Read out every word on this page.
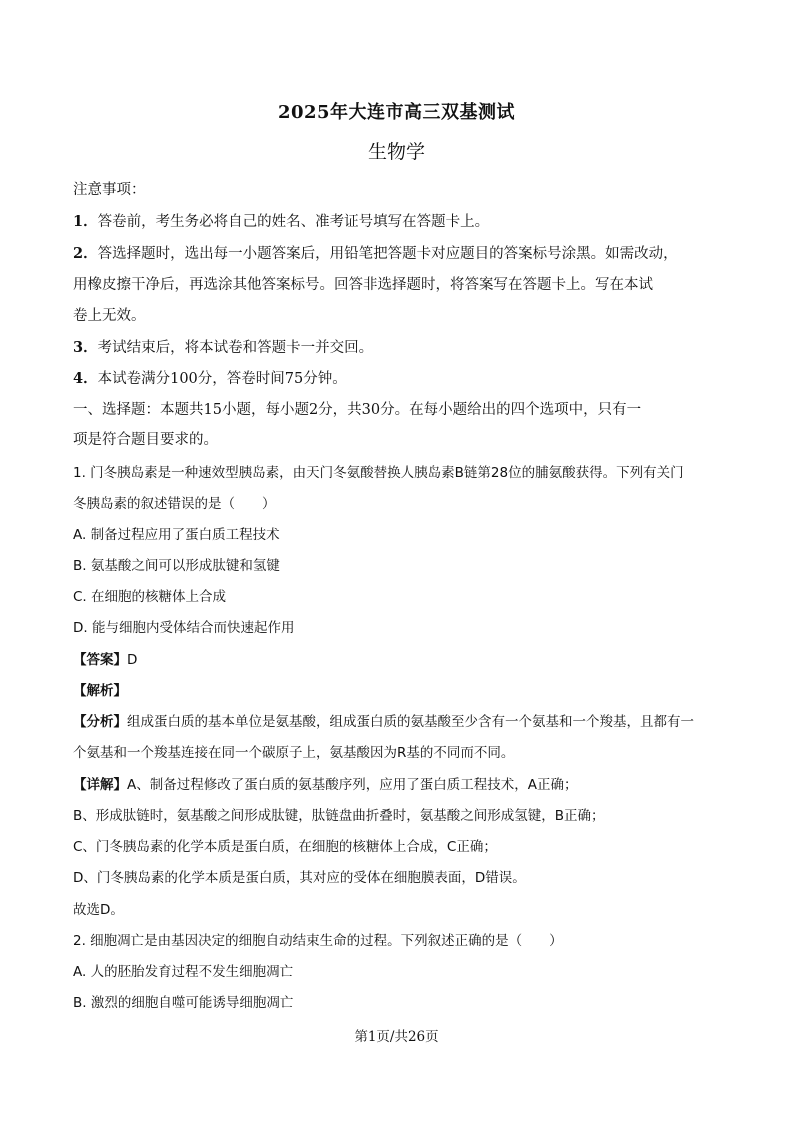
2025年大连市高三双基测试
生物学
注意事项：
1．答卷前，考生务必将自己的姓名、准考证号填写在答题卡上。
2．答选择题时，选出每一小题答案后，用铅笔把答题卡对应题目的答案标号涂黑。如需改动，
用橡皮擦干净后，再选涂其他答案标号。回答非选择题时，将答案写在答题卡上。写在本试
卷上无效。
3．考试结束后，将本试卷和答题卡一并交回。
4．本试卷满分100分，答卷时间75分钟。
一、选择题：本题共15小题，每小题2分，共30分。在每小题给出的四个选项中，只有一
项是符合题目要求的。
1. 门冬胰岛素是一种速效型胰岛素，由天门冬氨酸替换人胰岛素B链第28位的脯氨酸获得。下列有关门
冬胰岛素的叙述错误的是（　　）
A. 制备过程应用了蛋白质工程技术
B. 氨基酸之间可以形成肽键和氢键
C. 在细胞的核糖体上合成
D. 能与细胞内受体结合而快速起作用
【答案】D
【解析】
【分析】组成蛋白质的基本单位是氨基酸，组成蛋白质的氨基酸至少含有一个氨基和一个羧基，且都有一
个氨基和一个羧基连接在同一个碳原子上，氨基酸因为R基的不同而不同。
【详解】A、制备过程修改了蛋白质的氨基酸序列，应用了蛋白质工程技术，A正确；
B、形成肽链时，氨基酸之间形成肽键，肽链盘曲折叠时，氨基酸之间形成氢键，B正确；
C、门冬胰岛素的化学本质是蛋白质，在细胞的核糖体上合成，C正确；
D、门冬胰岛素的化学本质是蛋白质，其对应的受体在细胞膜表面，D错误。
故选D。
2. 细胞凋亡是由基因决定的细胞自动结束生命的过程。下列叙述正确的是（　　）
A. 人的胚胎发育过程不发生细胞凋亡
B. 激烈的细胞自噬可能诱导细胞凋亡
第1页/共26页
